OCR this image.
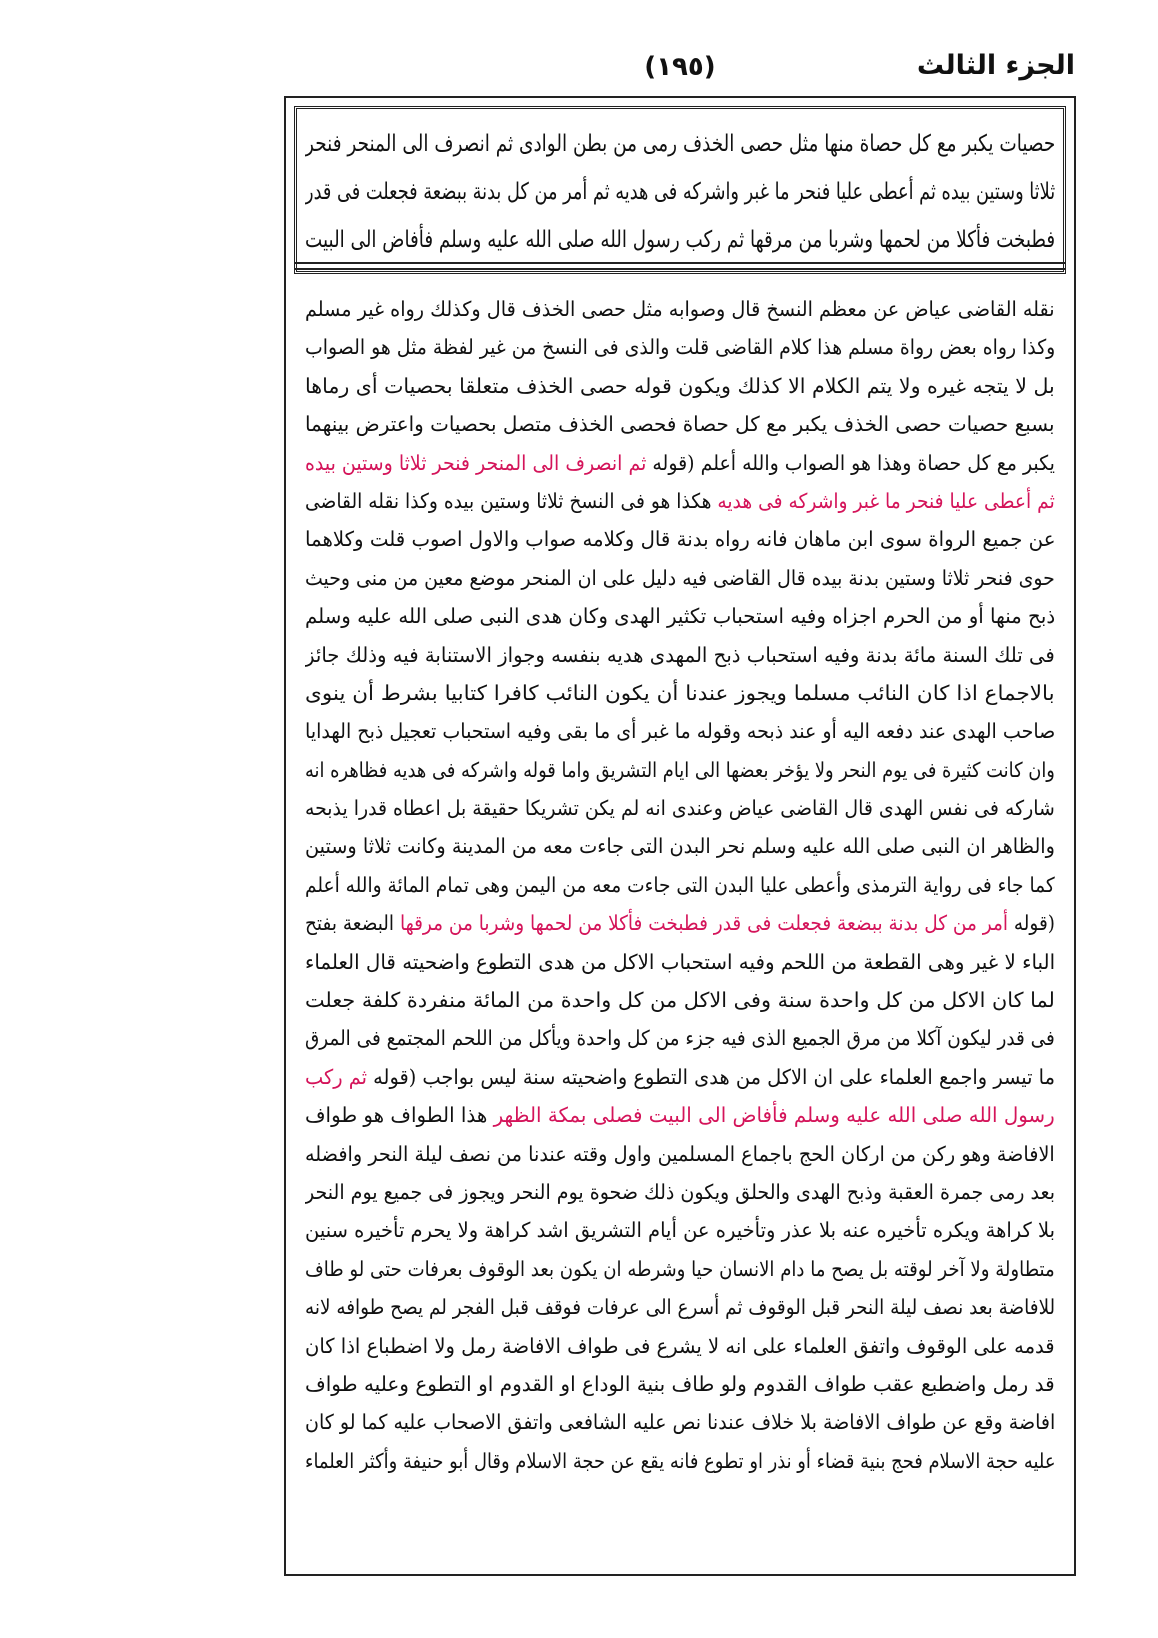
الجزء الثالث
(١٩٥)
حصيات يكبر مع كل حصاة منها مثل حصى الخذف رمى من بطن الوادى ثم انصرف الى المنحر فنحر
ثلاثا وستين بيده ثم أعطى عليا فنحر ما غبر واشركه فى هديه ثم أمر من كل بدنة ببضعة فجعلت فى قدر
فطبخت فأكلا من لحمها وشربا من مرقها ثم ركب رسول الله صلى الله عليه وسلم فأفاض الى البيت
نقله القاضى عياض عن معظم النسخ قال وصوابه مثل حصى الخذف قال وكذلك رواه غير مسلم
وكذا رواه بعض رواة مسلم هذا كلام القاضى قلت والذى فى النسخ من غير لفظة مثل هو الصواب
بل لا يتجه غيره ولا يتم الكلام الا كذلك ويكون قوله حصى الخذف متعلقا بحصيات أى رماها
بسبع حصيات حصى الخذف يكبر مع كل حصاة فحصى الخذف متصل بحصيات واعترض بينهما
يكبر مع كل حصاة وهذا هو الصواب والله أعلم (قوله ثم انصرف الى المنحر فنحر ثلاثا وستين بيده
ثم أعطى عليا فنحر ما غبر واشركه فى هديه هكذا هو فى النسخ ثلاثا وستين بيده وكذا نقله القاضى
عن جميع الرواة سوى ابن ماهان فانه رواه بدنة قال وكلامه صواب والاول اصوب قلت وكلاهما
حوى فنحر ثلاثا وستين بدنة بيده قال القاضى فيه دليل على ان المنحر موضع معين من منى وحيث
ذبح منها أو من الحرم اجزاه وفيه استحباب تكثير الهدى وكان هدى النبى صلى الله عليه وسلم
فى تلك السنة مائة بدنة وفيه استحباب ذبح المهدى هديه بنفسه وجواز الاستنابة فيه وذلك جائز
بالاجماع اذا كان النائب مسلما ويجوز عندنا أن يكون النائب كافرا كتابيا بشرط أن ينوى
صاحب الهدى عند دفعه اليه أو عند ذبحه وقوله ما غبر أى ما بقى وفيه استحباب تعجيل ذبح الهدايا
وان كانت كثيرة فى يوم النحر ولا يؤخر بعضها الى ايام التشريق واما قوله واشركه فى هديه فظاهره انه
شاركه فى نفس الهدى قال القاضى عياض وعندى انه لم يكن تشريكا حقيقة بل اعطاه قدرا يذبحه
والظاهر ان النبى صلى الله عليه وسلم نحر البدن التى جاءت معه من المدينة وكانت ثلاثا وستين
كما جاء فى رواية الترمذى وأعطى عليا البدن التى جاءت معه من اليمن وهى تمام المائة والله أعلم
(قوله أمر من كل بدنة ببضعة فجعلت فى قدر فطبخت فأكلا من لحمها وشربا من مرقها البضعة بفتح
الباء لا غير وهى القطعة من اللحم وفيه استحباب الاكل من هدى التطوع واضحيته قال العلماء
لما كان الاكل من كل واحدة سنة وفى الاكل من كل واحدة من المائة منفردة كلفة جعلت
فى قدر ليكون آكلا من مرق الجميع الذى فيه جزء من كل واحدة ويأكل من اللحم المجتمع فى المرق
ما تيسر واجمع العلماء على ان الاكل من هدى التطوع واضحيته سنة ليس بواجب (قوله ثم ركب
رسول الله صلى الله عليه وسلم فأفاض الى البيت فصلى بمكة الظهر هذا الطواف هو طواف
الافاضة وهو ركن من اركان الحج باجماع المسلمين واول وقته عندنا من نصف ليلة النحر وافضله
بعد رمى جمرة العقبة وذبح الهدى والحلق ويكون ذلك ضحوة يوم النحر ويجوز فى جميع يوم النحر
بلا كراهة ويكره تأخيره عنه بلا عذر وتأخيره عن أيام التشريق اشد كراهة ولا يحرم تأخيره سنين
متطاولة ولا آخر لوقته بل يصح ما دام الانسان حيا وشرطه ان يكون بعد الوقوف بعرفات حتى لو طاف
للافاضة بعد نصف ليلة النحر قبل الوقوف ثم أسرع الى عرفات فوقف قبل الفجر لم يصح طوافه لانه
قدمه على الوقوف واتفق العلماء على انه لا يشرع فى طواف الافاضة رمل ولا اضطباع اذا كان
قد رمل واضطبع عقب طواف القدوم ولو طاف بنية الوداع او القدوم او التطوع وعليه طواف
افاضة وقع عن طواف الافاضة بلا خلاف عندنا نص عليه الشافعى واتفق الاصحاب عليه كما لو كان
عليه حجة الاسلام فحج بنية قضاء أو نذر او تطوع فانه يقع عن حجة الاسلام وقال أبو حنيفة وأكثر العلماء
